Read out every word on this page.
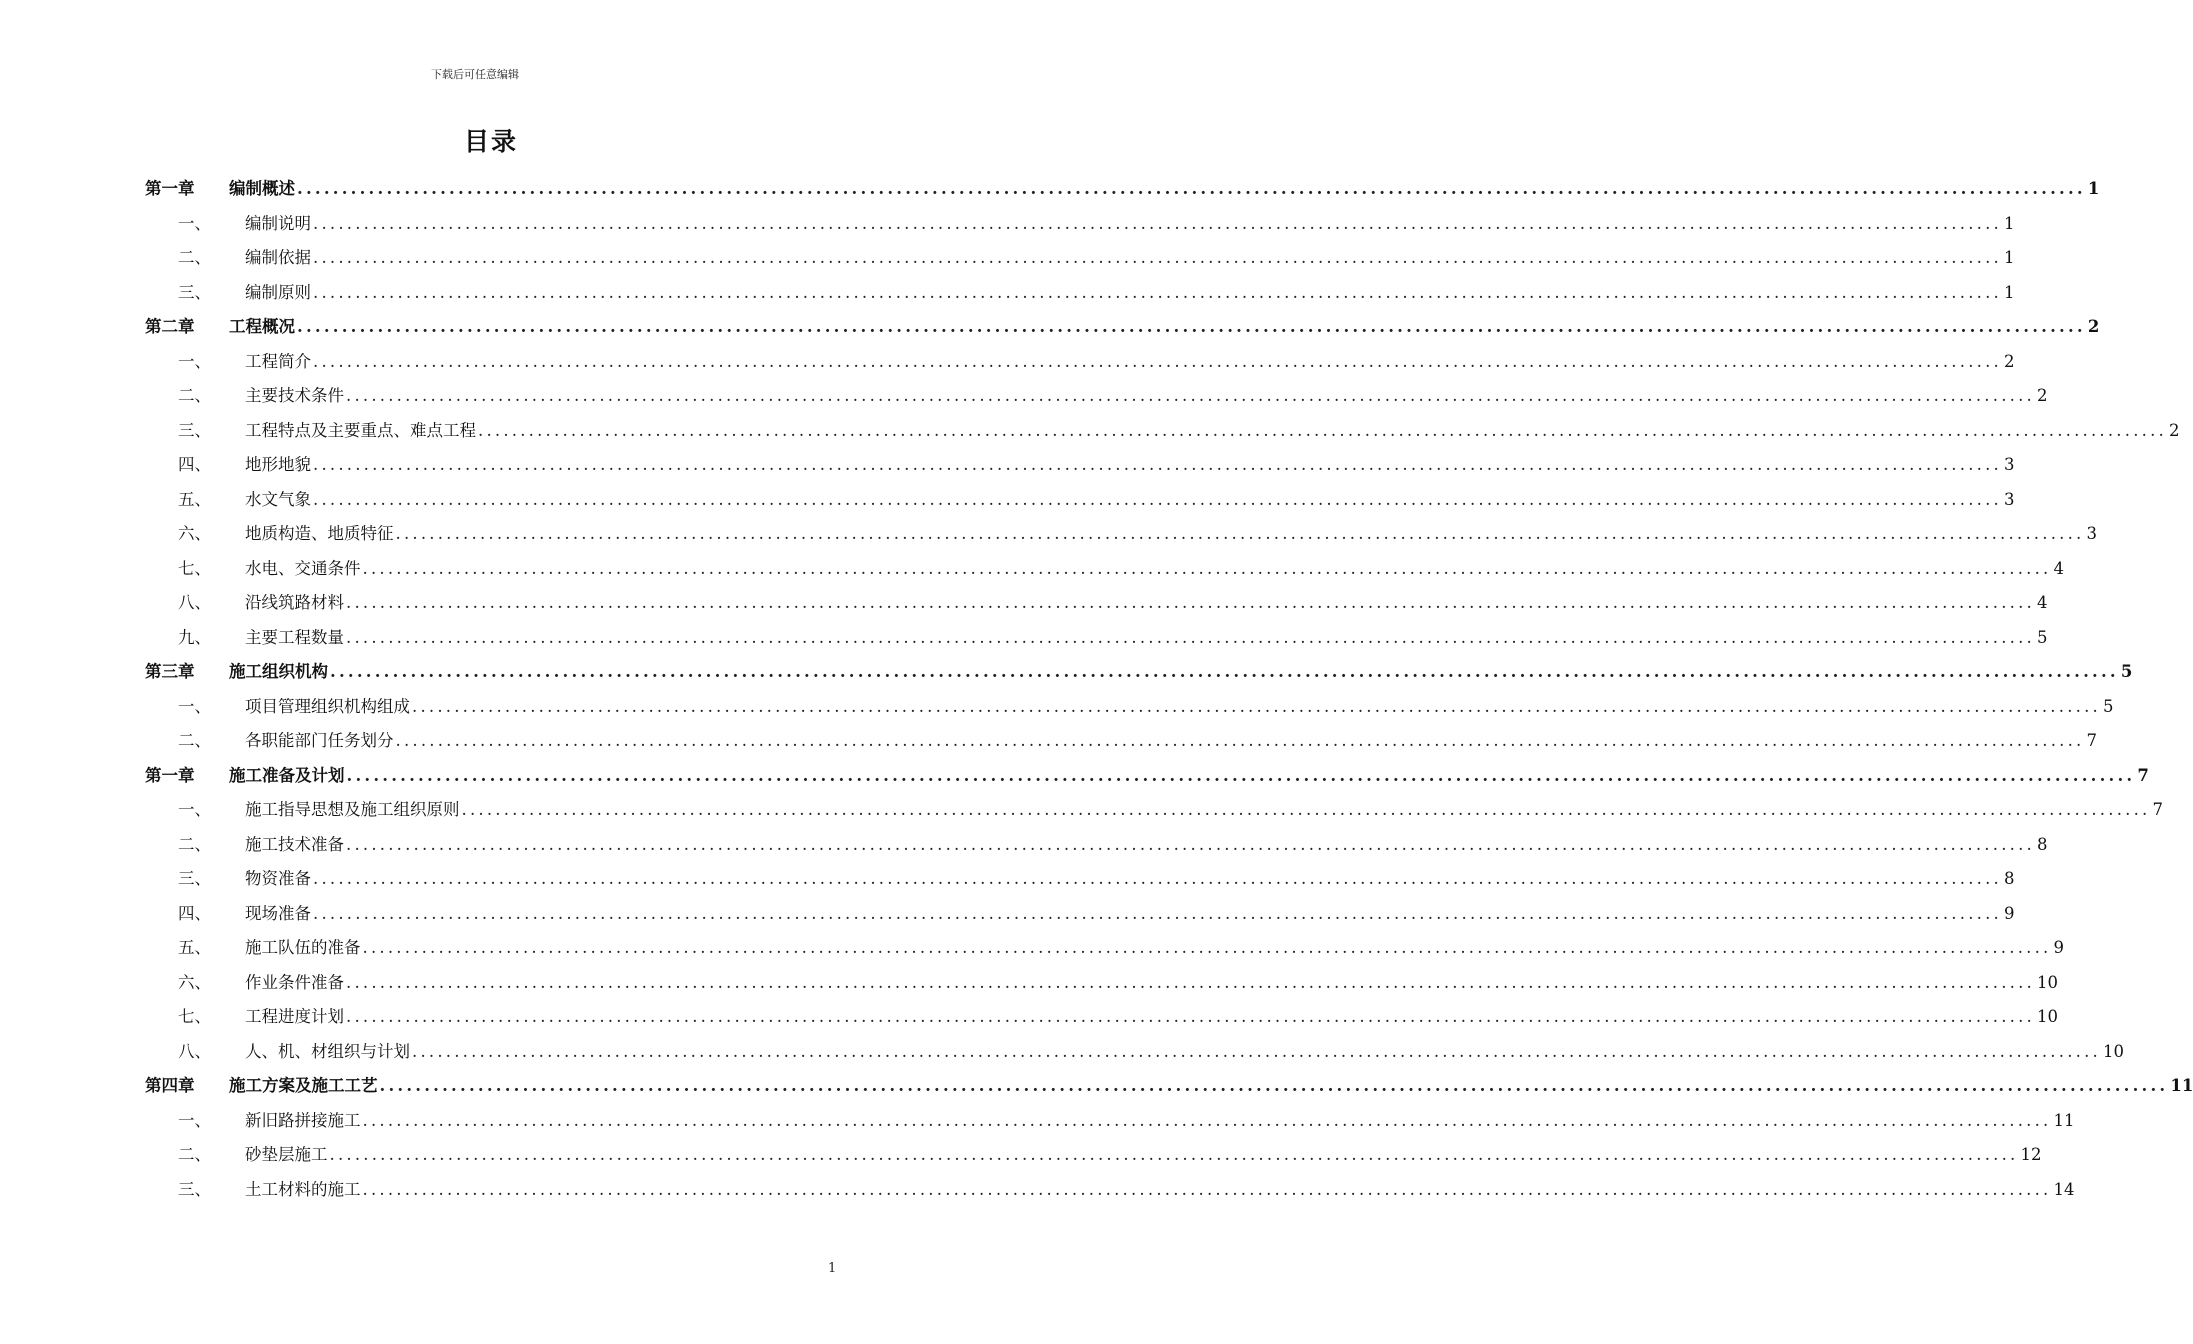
下载后可任意编辑
目录
第一章	编制概述 ........................................................................................................................................................................................................ 1
一、	编制说明 ........................................................................................................................................................................................................ 1
二、	编制依据 ........................................................................................................................................................................................................ 1
三、	编制原则 ........................................................................................................................................................................................................ 1
第二章	工程概况 ........................................................................................................................................................................................................ 2
一、	工程简介 ........................................................................................................................................................................................................ 2
二、	主要技术条件 ........................................................................................................................................................................................................ 2
三、	工程特点及主要重点、难点工程 ........................................................................................................................................................................................................ 2
四、	地形地貌 ........................................................................................................................................................................................................ 3
五、	水文气象 ........................................................................................................................................................................................................ 3
六、	地质构造、地质特征 ........................................................................................................................................................................................................ 3
七、	水电、交通条件 ........................................................................................................................................................................................................ 4
八、	沿线筑路材料 ........................................................................................................................................................................................................ 4
九、	主要工程数量 ........................................................................................................................................................................................................ 5
第三章	施工组织机构 ........................................................................................................................................................................................................ 5
一、	项目管理组织机构组成 ........................................................................................................................................................................................................ 5
二、	各职能部门任务划分 ........................................................................................................................................................................................................ 7
第一章	施工准备及计划 ........................................................................................................................................................................................................ 7
一、	施工指导思想及施工组织原则 ........................................................................................................................................................................................................ 7
二、	施工技术准备 ........................................................................................................................................................................................................ 8
三、	物资准备 ........................................................................................................................................................................................................ 8
四、	现场准备 ........................................................................................................................................................................................................ 9
五、	施工队伍的准备 ........................................................................................................................................................................................................ 9
六、	作业条件准备 ........................................................................................................................................................................................................ 10
七、	工程进度计划 ........................................................................................................................................................................................................ 10
八、	人、机、材组织与计划 ........................................................................................................................................................................................................ 10
第四章	施工方案及施工工艺 ........................................................................................................................................................................................................ 11
一、	新旧路拼接施工 ........................................................................................................................................................................................................ 11
二、	砂垫层施工 ........................................................................................................................................................................................................ 12
三、	土工材料的施工 ........................................................................................................................................................................................................ 14
1
